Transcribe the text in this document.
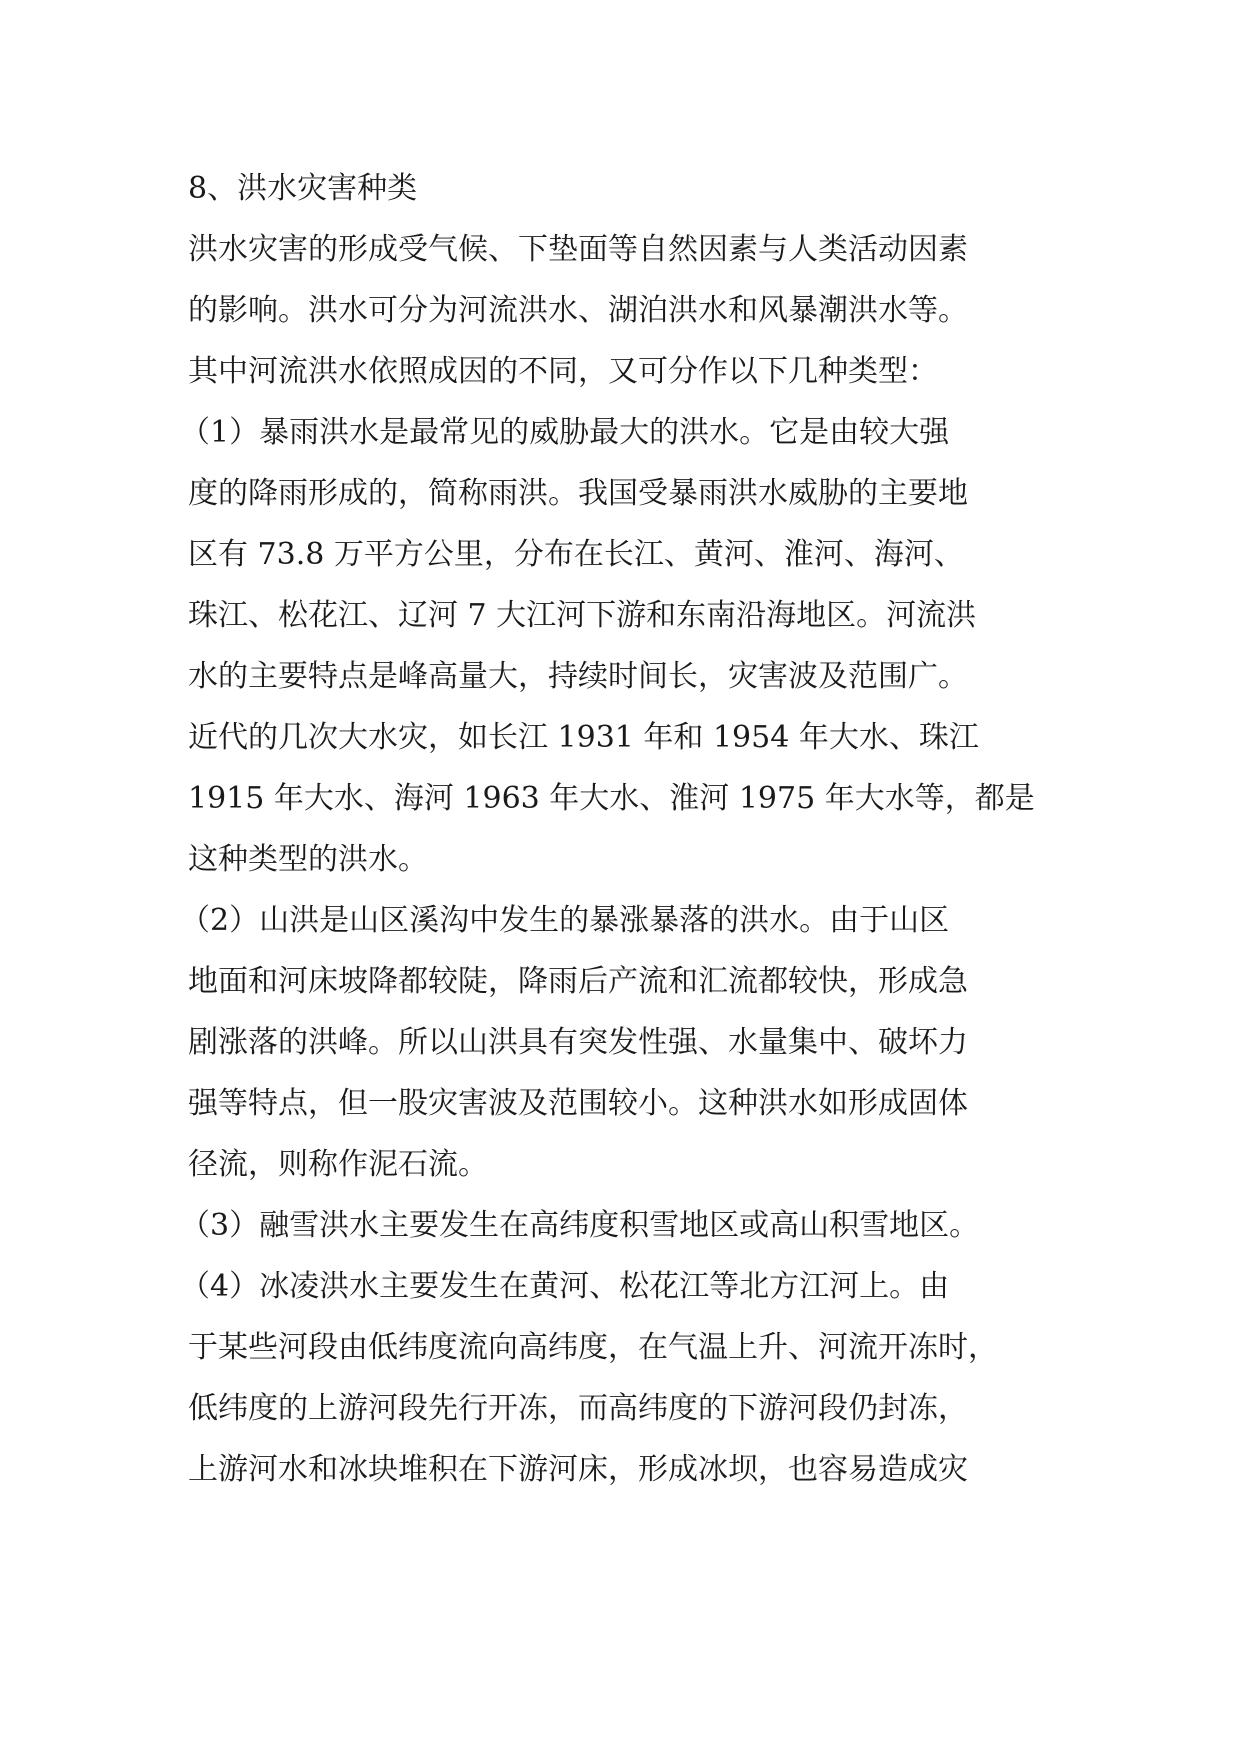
8、洪水灾害种类
洪水灾害的形成受气候、下垫面等自然因素与人类活动因素
的影响。洪水可分为河流洪水、湖泊洪水和风暴潮洪水等。
其中河流洪水依照成因的不同，又可分作以下几种类型：
（1）暴雨洪水是最常见的威胁最大的洪水。它是由较大强
度的降雨形成的，简称雨洪。我国受暴雨洪水威胁的主要地
区有 73.8 万平方公里，分布在长江、黄河、淮河、海河、
珠江、松花江、辽河 7 大江河下游和东南沿海地区。河流洪
水的主要特点是峰高量大，持续时间长，灾害波及范围广。
近代的几次大水灾，如长江 1931 年和 1954 年大水、珠江
1915 年大水、海河 1963 年大水、淮河 1975 年大水等，都是
这种类型的洪水。
（2）山洪是山区溪沟中发生的暴涨暴落的洪水。由于山区
地面和河床坡降都较陡，降雨后产流和汇流都较快，形成急
剧涨落的洪峰。所以山洪具有突发性强、水量集中、破坏力
强等特点，但一股灾害波及范围较小。这种洪水如形成固体
径流，则称作泥石流。
（3）融雪洪水主要发生在高纬度积雪地区或高山积雪地区。
（4）冰凌洪水主要发生在黄河、松花江等北方江河上。由
于某些河段由低纬度流向高纬度，在气温上升、河流开冻时，
低纬度的上游河段先行开冻，而高纬度的下游河段仍封冻，
上游河水和冰块堆积在下游河床，形成冰坝，也容易造成灾
